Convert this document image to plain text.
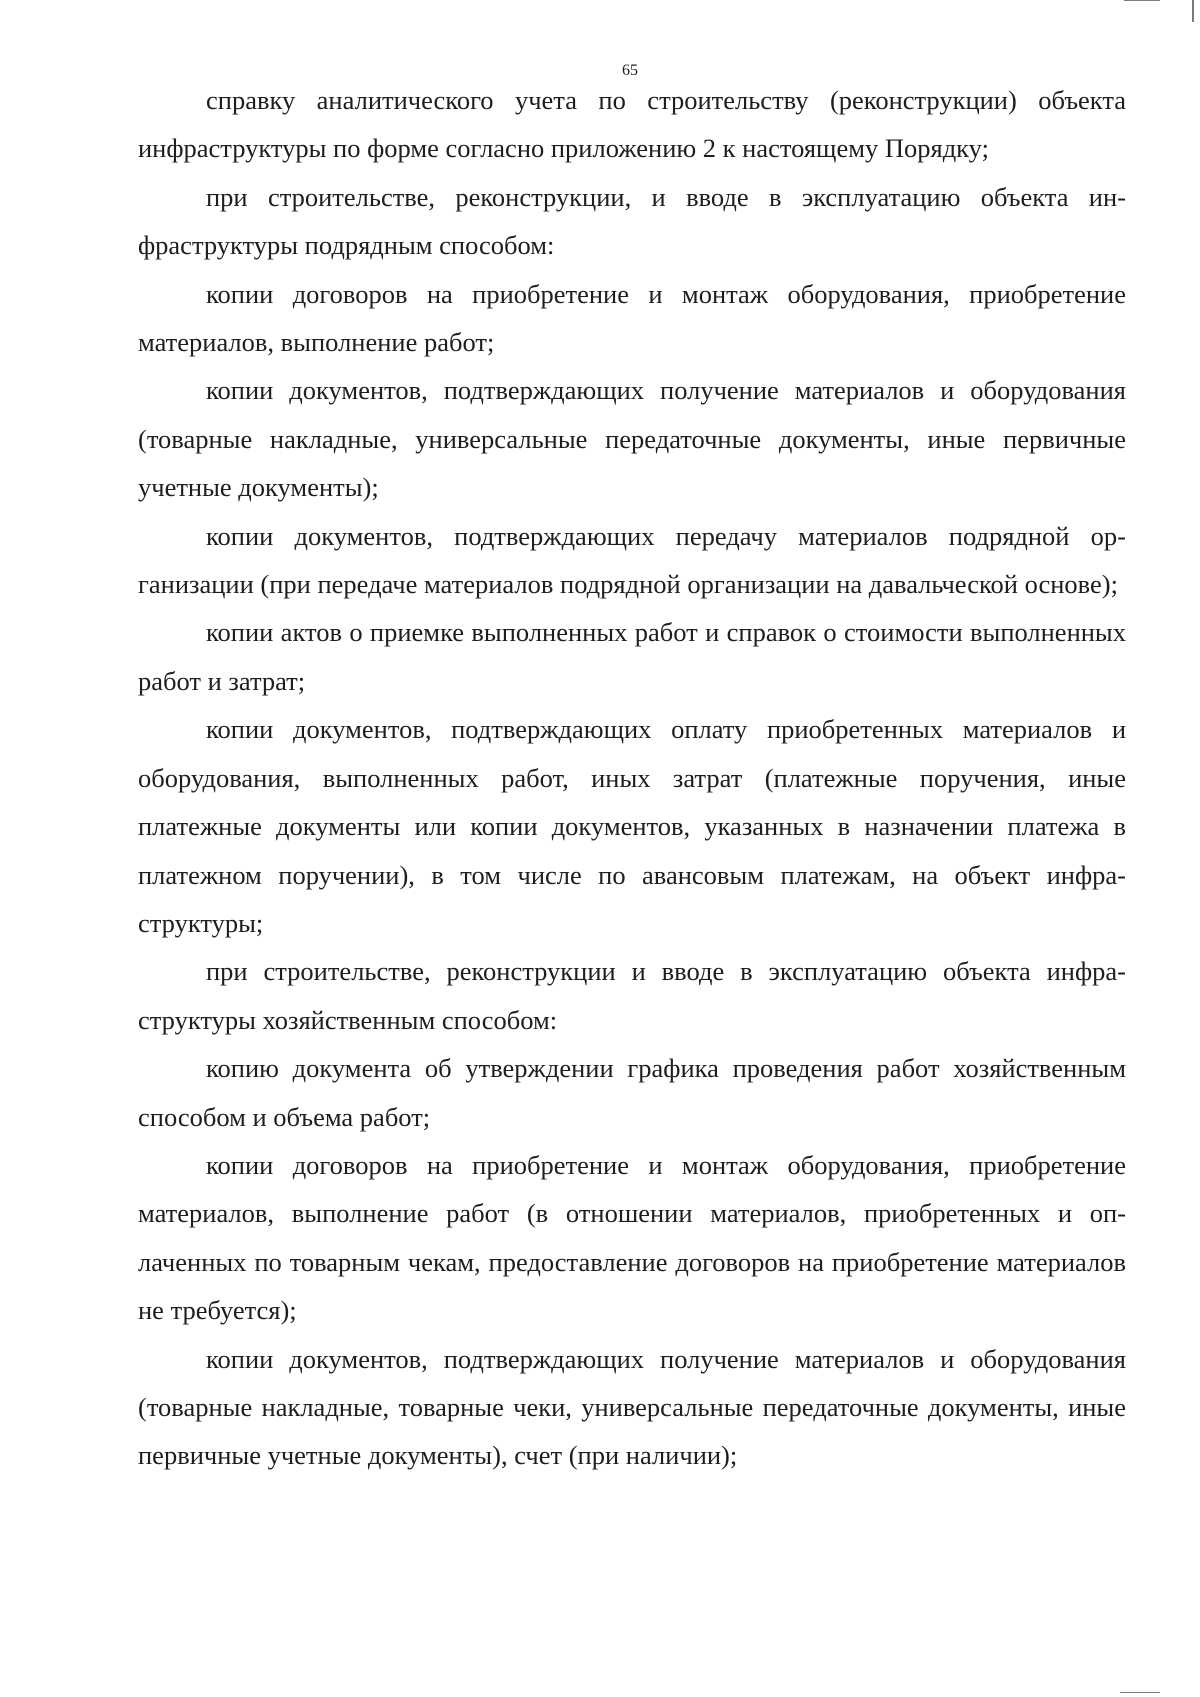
65

справку аналитического учета по строительству (реконструкции) объекта инфраструктуры по форме согласно приложению 2 к настоящему Порядку;

при строительстве, реконструкции, и вводе в эксплуатацию объекта инфраструктуры подрядным способом:

копии договоров на приобретение и монтаж оборудования, приобретение материалов, выполнение работ;

копии документов, подтверждающих получение материалов и оборудования (товарные накладные, универсальные передаточные документы, иные первичные учетные документы);

копии документов, подтверждающих передачу материалов подрядной организации (при передаче материалов подрядной организации на давальческой основе);

копии актов о приемке выполненных работ и справок о стоимости выполненных работ и затрат;

копии документов, подтверждающих оплату приобретенных материалов и оборудования, выполненных работ, иных затрат (платежные поручения, иные платежные документы или копии документов, указанных в назначении платежа в платежном поручении), в том числе по авансовым платежам, на объект инфраструктуры;

при строительстве, реконструкции и вводе в эксплуатацию объекта инфраструктуры хозяйственным способом:

копию документа об утверждении графика проведения работ хозяйственным способом и объема работ;

копии договоров на приобретение и монтаж оборудования, приобретение материалов, выполнение работ (в отношении материалов, приобретенных и оплаченных по товарным чекам, предоставление договоров на приобретение материалов не требуется);

копии документов, подтверждающих получение материалов и оборудования (товарные накладные, товарные чеки, универсальные передаточные документы, иные первичные учетные документы), счет (при наличии);
